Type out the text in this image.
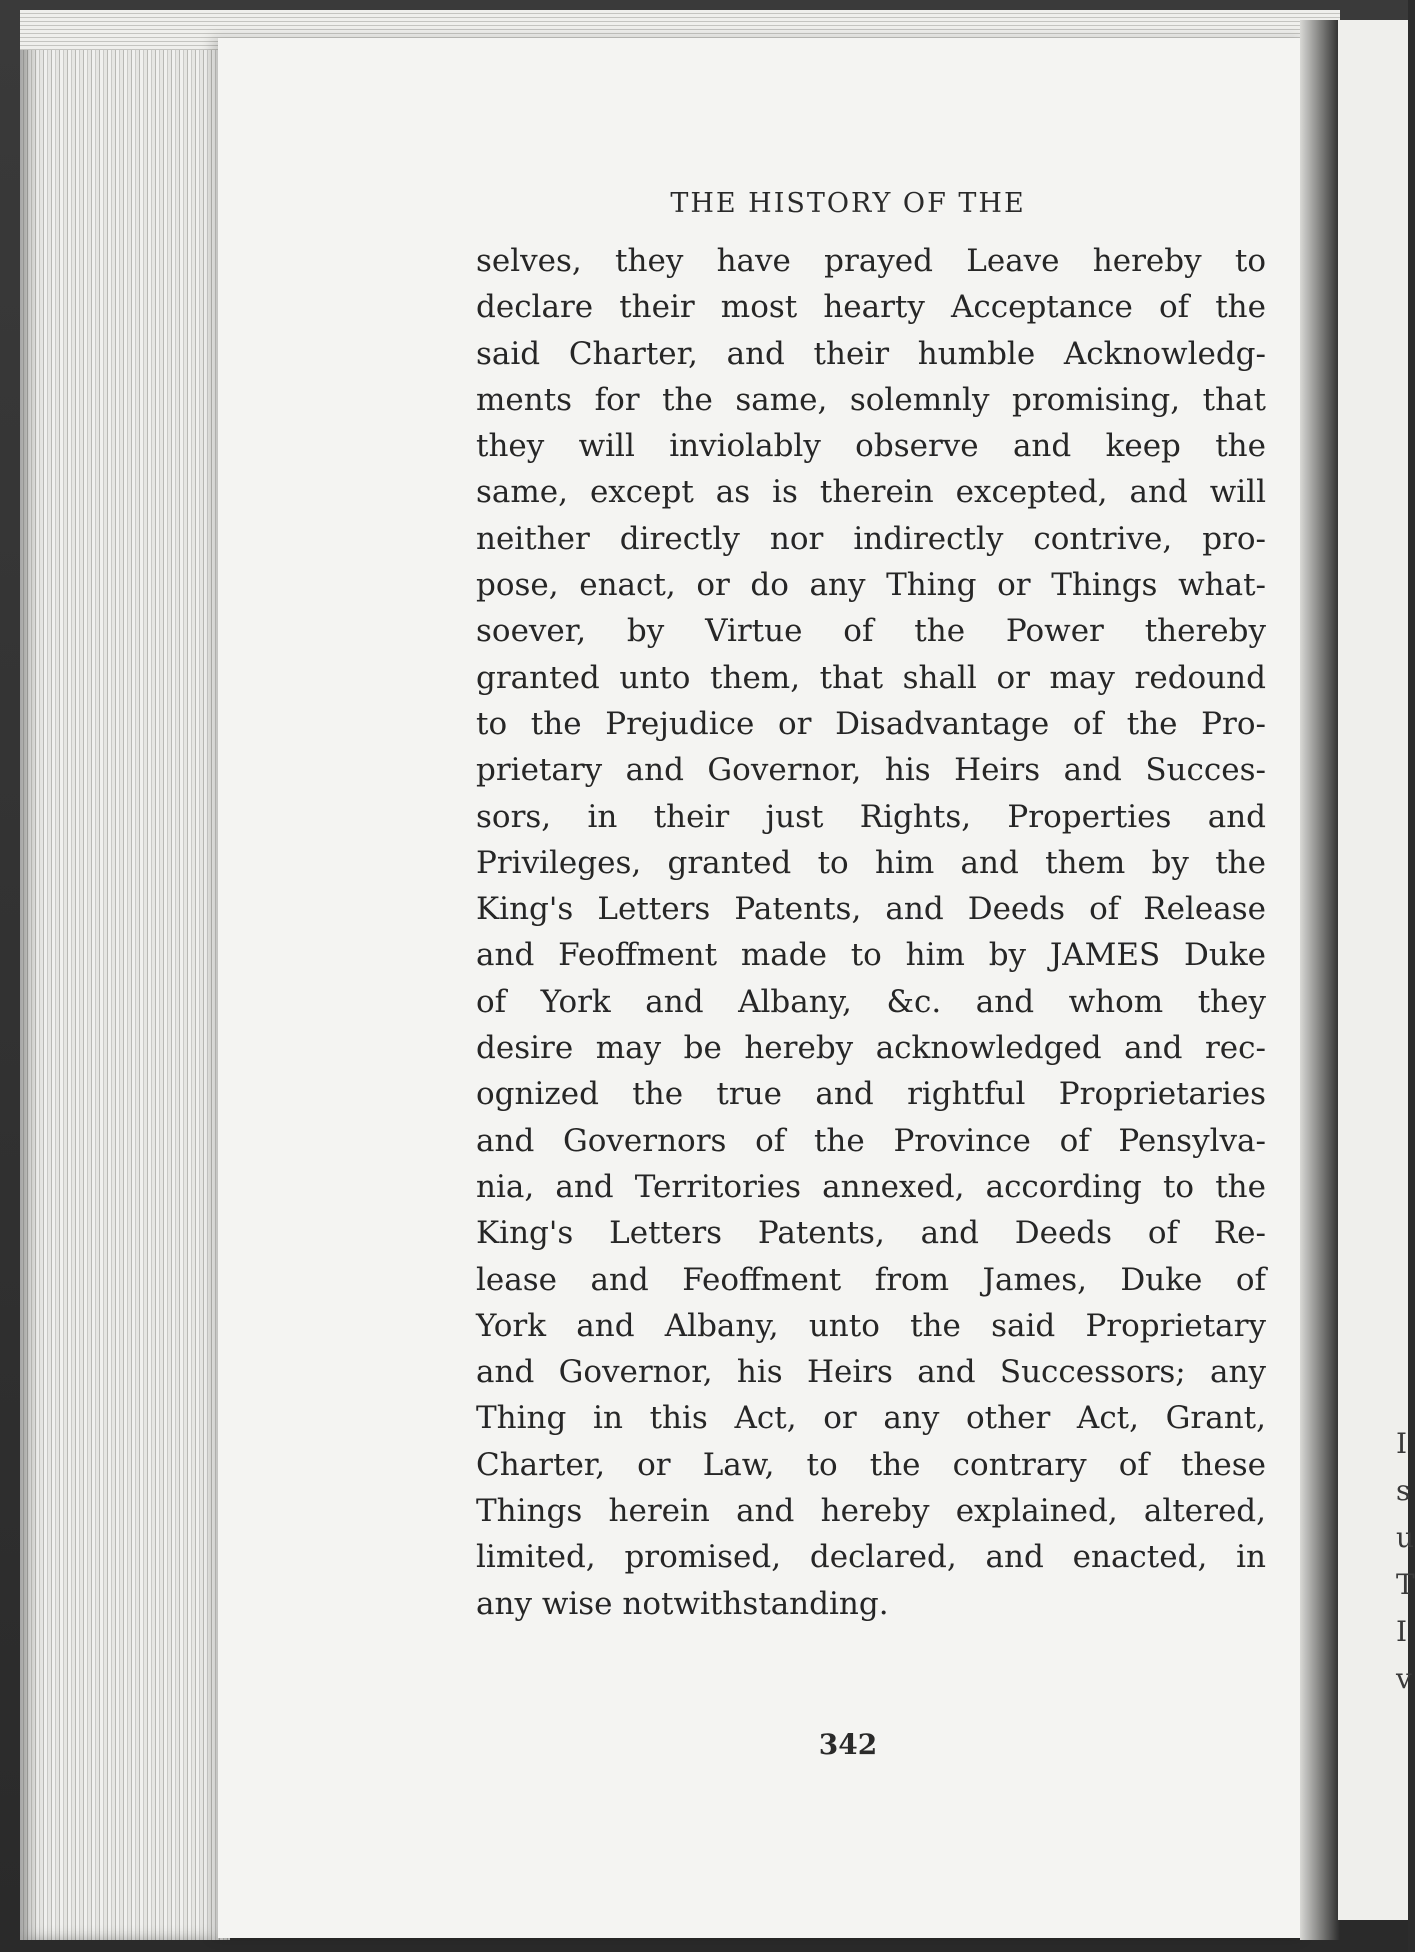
THE HISTORY OF THE
selves, they have prayed Leave hereby to
declare their most hearty Acceptance of the
said Charter, and their humble Acknowledg-
ments for the same, solemnly promising, that
they will inviolably observe and keep the
same, except as is therein excepted, and will
neither directly nor indirectly contrive, pro-
pose, enact, or do any Thing or Things what-
soever, by Virtue of the Power thereby
granted unto them, that shall or may redound
to the Prejudice or Disadvantage of the Pro-
prietary and Governor, his Heirs and Succes-
sors, in their just Rights, Properties and
Privileges, granted to him and them by the
King's Letters Patents, and Deeds of Release
and Feoffment made to him by JAMES Duke
of York and Albany, &c. and whom they
desire may be hereby acknowledged and rec-
ognized the true and rightful Proprietaries
and Governors of the Province of Pensylva-
nia, and Territories annexed, according to the
King's Letters Patents, and Deeds of Re-
lease and Feoffment from James, Duke of
York and Albany, unto the said Proprietary
and Governor, his Heirs and Successors; any
Thing in this Act, or any other Act, Grant,
Charter, or Law, to the contrary of these
Things herein and hereby explained, altered,
limited, promised, declared, and enacted, in
any wise notwithstanding.
342
I
s
u
T
I
v
